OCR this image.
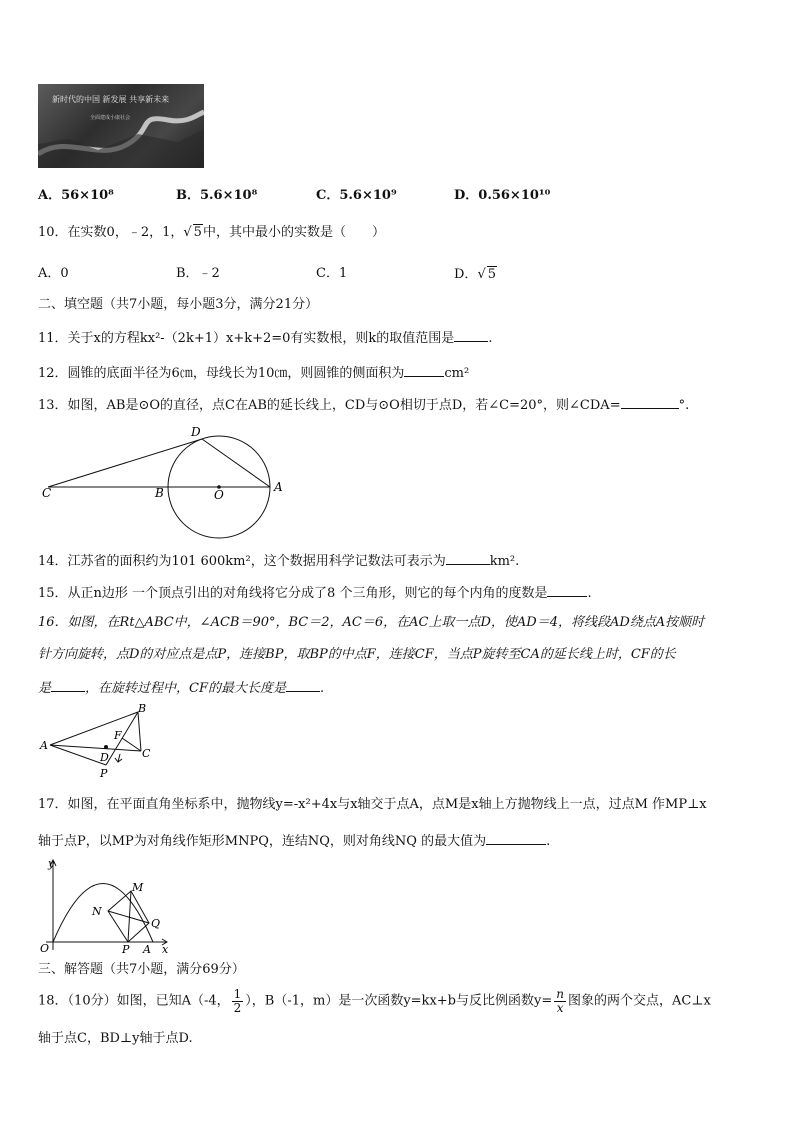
新时代的中国 新发展 共享新未来
全面建成小康社会
A．56×10⁸	B．5.6×10⁸	C．5.6×10⁹	D．0.56×10¹⁰
10．在实数0，﹣2，1，√ 5中，其中最小的实数是（　　）
A．0	B．﹣2	C．1	D．√ 5
二、填空题（共7小题，每小题3分，满分21分）
11．关于x的方程kx²-（2k+1）x+k+2=0有实数根，则k的取值范围是	.
12．圆锥的底面半径为6㎝，母线长为10㎝，则圆锥的侧面积为	cm²
13．如图，AB是⊙O的直径，点C在AB的延长线上，CD与⊙O相切于点D，若∠C=20°，则∠CDA=	°.
D
C	B	O
A
14．江苏省的面积约为101 600km²，这个数据用科学记数法可表示为	km².
15．从正n边形 一个顶点引出的对角线将它分成了8 个三角形，则它的每个内角的度数是	.
16．如图，在Rt△ABC中，∠ACB＝90°，BC＝2，AC＝6，在AC上取一点D，使AD＝4，将线段AD绕点A按顺时
针方向旋转，点D的对应点是点P，连接BP，取BP的中点F，连接CF，当点P旋转至CA的延长线上时，CF的长
是	，在旋转过程中，CF的最大长度是	.
B
A
F
C
D
P
17．如图，在平面直角坐标系中，抛物线y=-x²+4x与x轴交于点A，点M是x轴上方抛物线上一点，过点M 作MP⊥x
轴于点P，以MP为对角线作矩形MNPQ，连结NQ，则对角线NQ 的最大值为	.
y
M
N
Q
O	P A x
三、解答题（共7小题，满分69分）
18．（10分）如图，已知A（-4， $\frac{1}{2}$ ），B（-1，m）是一次函数y=kx+b与反比例函数$y= \frac{n}{x}$ 图象的两个交点，AC⊥x
轴于点C，BD⊥y轴于点D.
